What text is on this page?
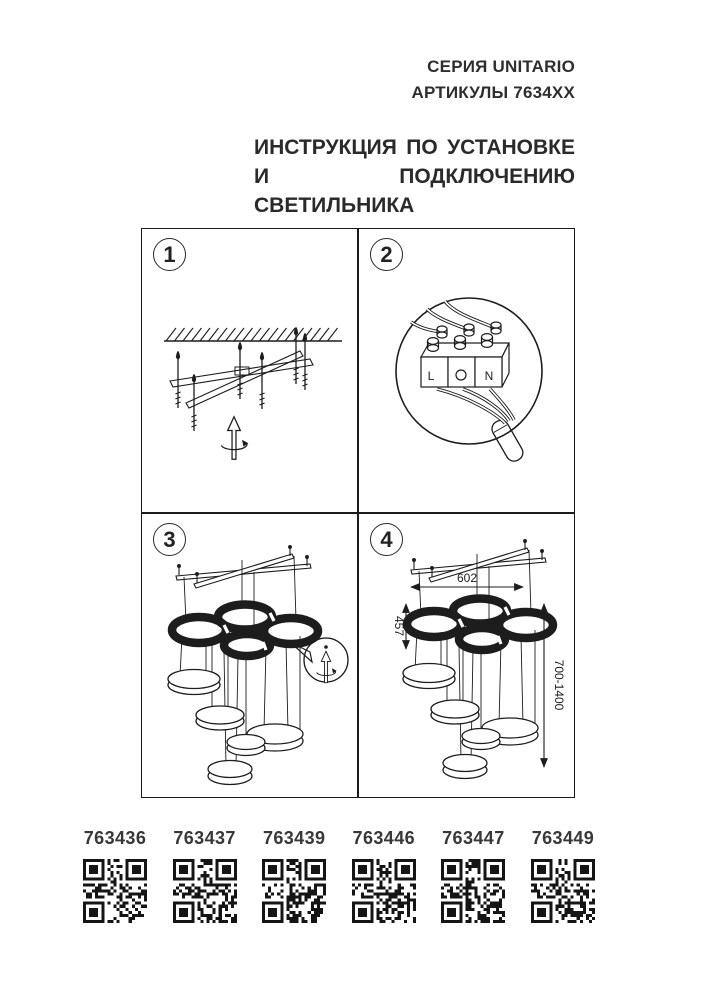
СЕРИЯ UNITARIO
АРТИКУЛЫ 7634XX
ИНСТРУКЦИЯ ПО УСТАНОВКЕ
И ПОДКЛЮЧЕНИЮ СВЕТИЛЬНИКА
1	2
L	N
3	4
602
457
700-1400
763436 763437 763439 763446 763447 763449
